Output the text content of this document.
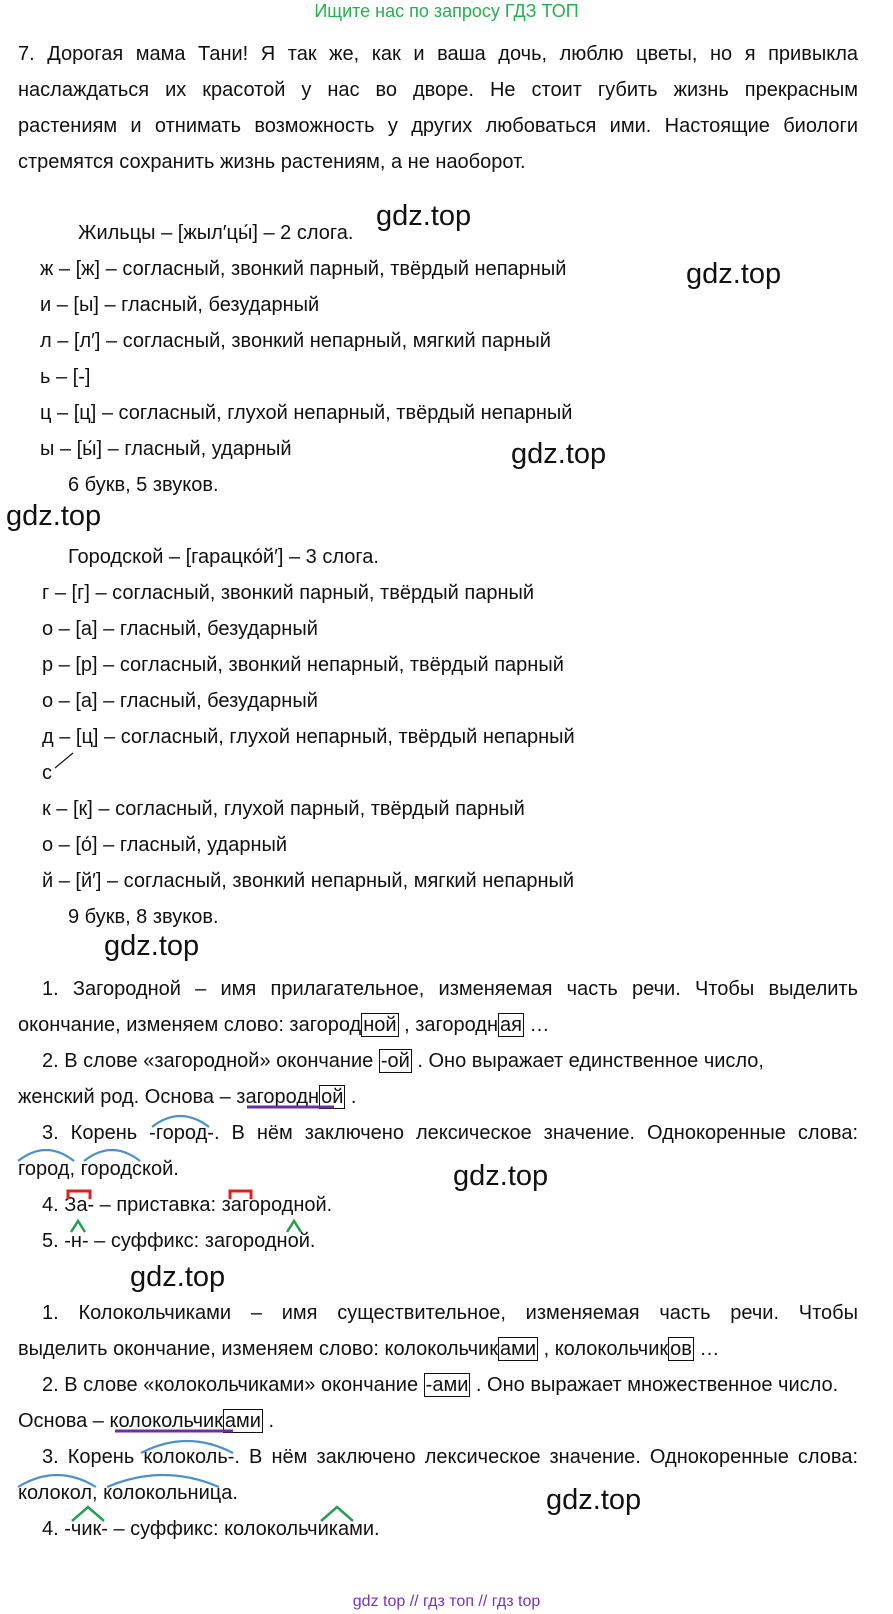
Ищите нас по запросу ГДЗ ТОП
7. Дорогая мама Тани! Я так же, как и ваша дочь, люблю цветы, но я привыкла
наслаждаться их красотой у нас во дворе. Не стоит губить жизнь прекрасным
растениям и отнимать возможность у других любоваться ими. Настоящие биологи
стремятся сохранить жизнь растениям, а не наоборот.
Жильцы – [жыл′цы́] – 2 слога.
ж – [ж] – согласный, звонкий парный, твёрдый непарный
и – [ы] – гласный, безударный
л – [л′] – согласный, звонкий непарный, мягкий парный
ь – [-]
ц – [ц] – согласный, глухой непарный, твёрдый непарный
ы – [ы́] – гласный, ударный
6 букв, 5 звуков.
Городской – [гарацко́й′] – 3 слога.
г – [г] – согласный, звонкий парный, твёрдый парный
о – [а] – гласный, безударный
р – [р] – согласный, звонкий непарный, твёрдый парный
о – [а] – гласный, безударный
д – [ц] – согласный, глухой непарный, твёрдый непарный
с
к – [к] – согласный, глухой парный, твёрдый парный
о – [о́] – гласный, ударный
й – [й′] – согласный, звонкий непарный, мягкий непарный
9 букв, 8 звуков.
1. Загородной – имя прилагательное, изменяемая часть речи. Чтобы выделить
окончание, изменяем слово: загород ной , загородн ая …
2. В слове «загородной» окончание -ой . Оно выражает единственное число,
женский род. Основа – загородн ой .
3. Корень -город-. В нём заключено лексическое значение. Однокоренные слова:
город, городской.
4. За- – приставка: загородной.
5. -н- – суффикс: загородной.
1. Колокольчиками – имя существительное, изменяемая часть речи. Чтобы
выделить окончание, изменяем слово: колокольчик ами , колокольчик ов …
2. В слове «колокольчиками» окончание -ами . Оно выражает множественное число.
Основа – колокольчик ами .
3. Корень колоколь-. В нём заключено лексическое значение. Однокоренные слова:
колокол, колокольница.
4. -чик- – суффикс: колокольчиками.
gdz.top
gdz.top
gdz.top
gdz.top
gdz.top
gdz.top
gdz.top
gdz.top
gdz top // гдз топ // гдз top
